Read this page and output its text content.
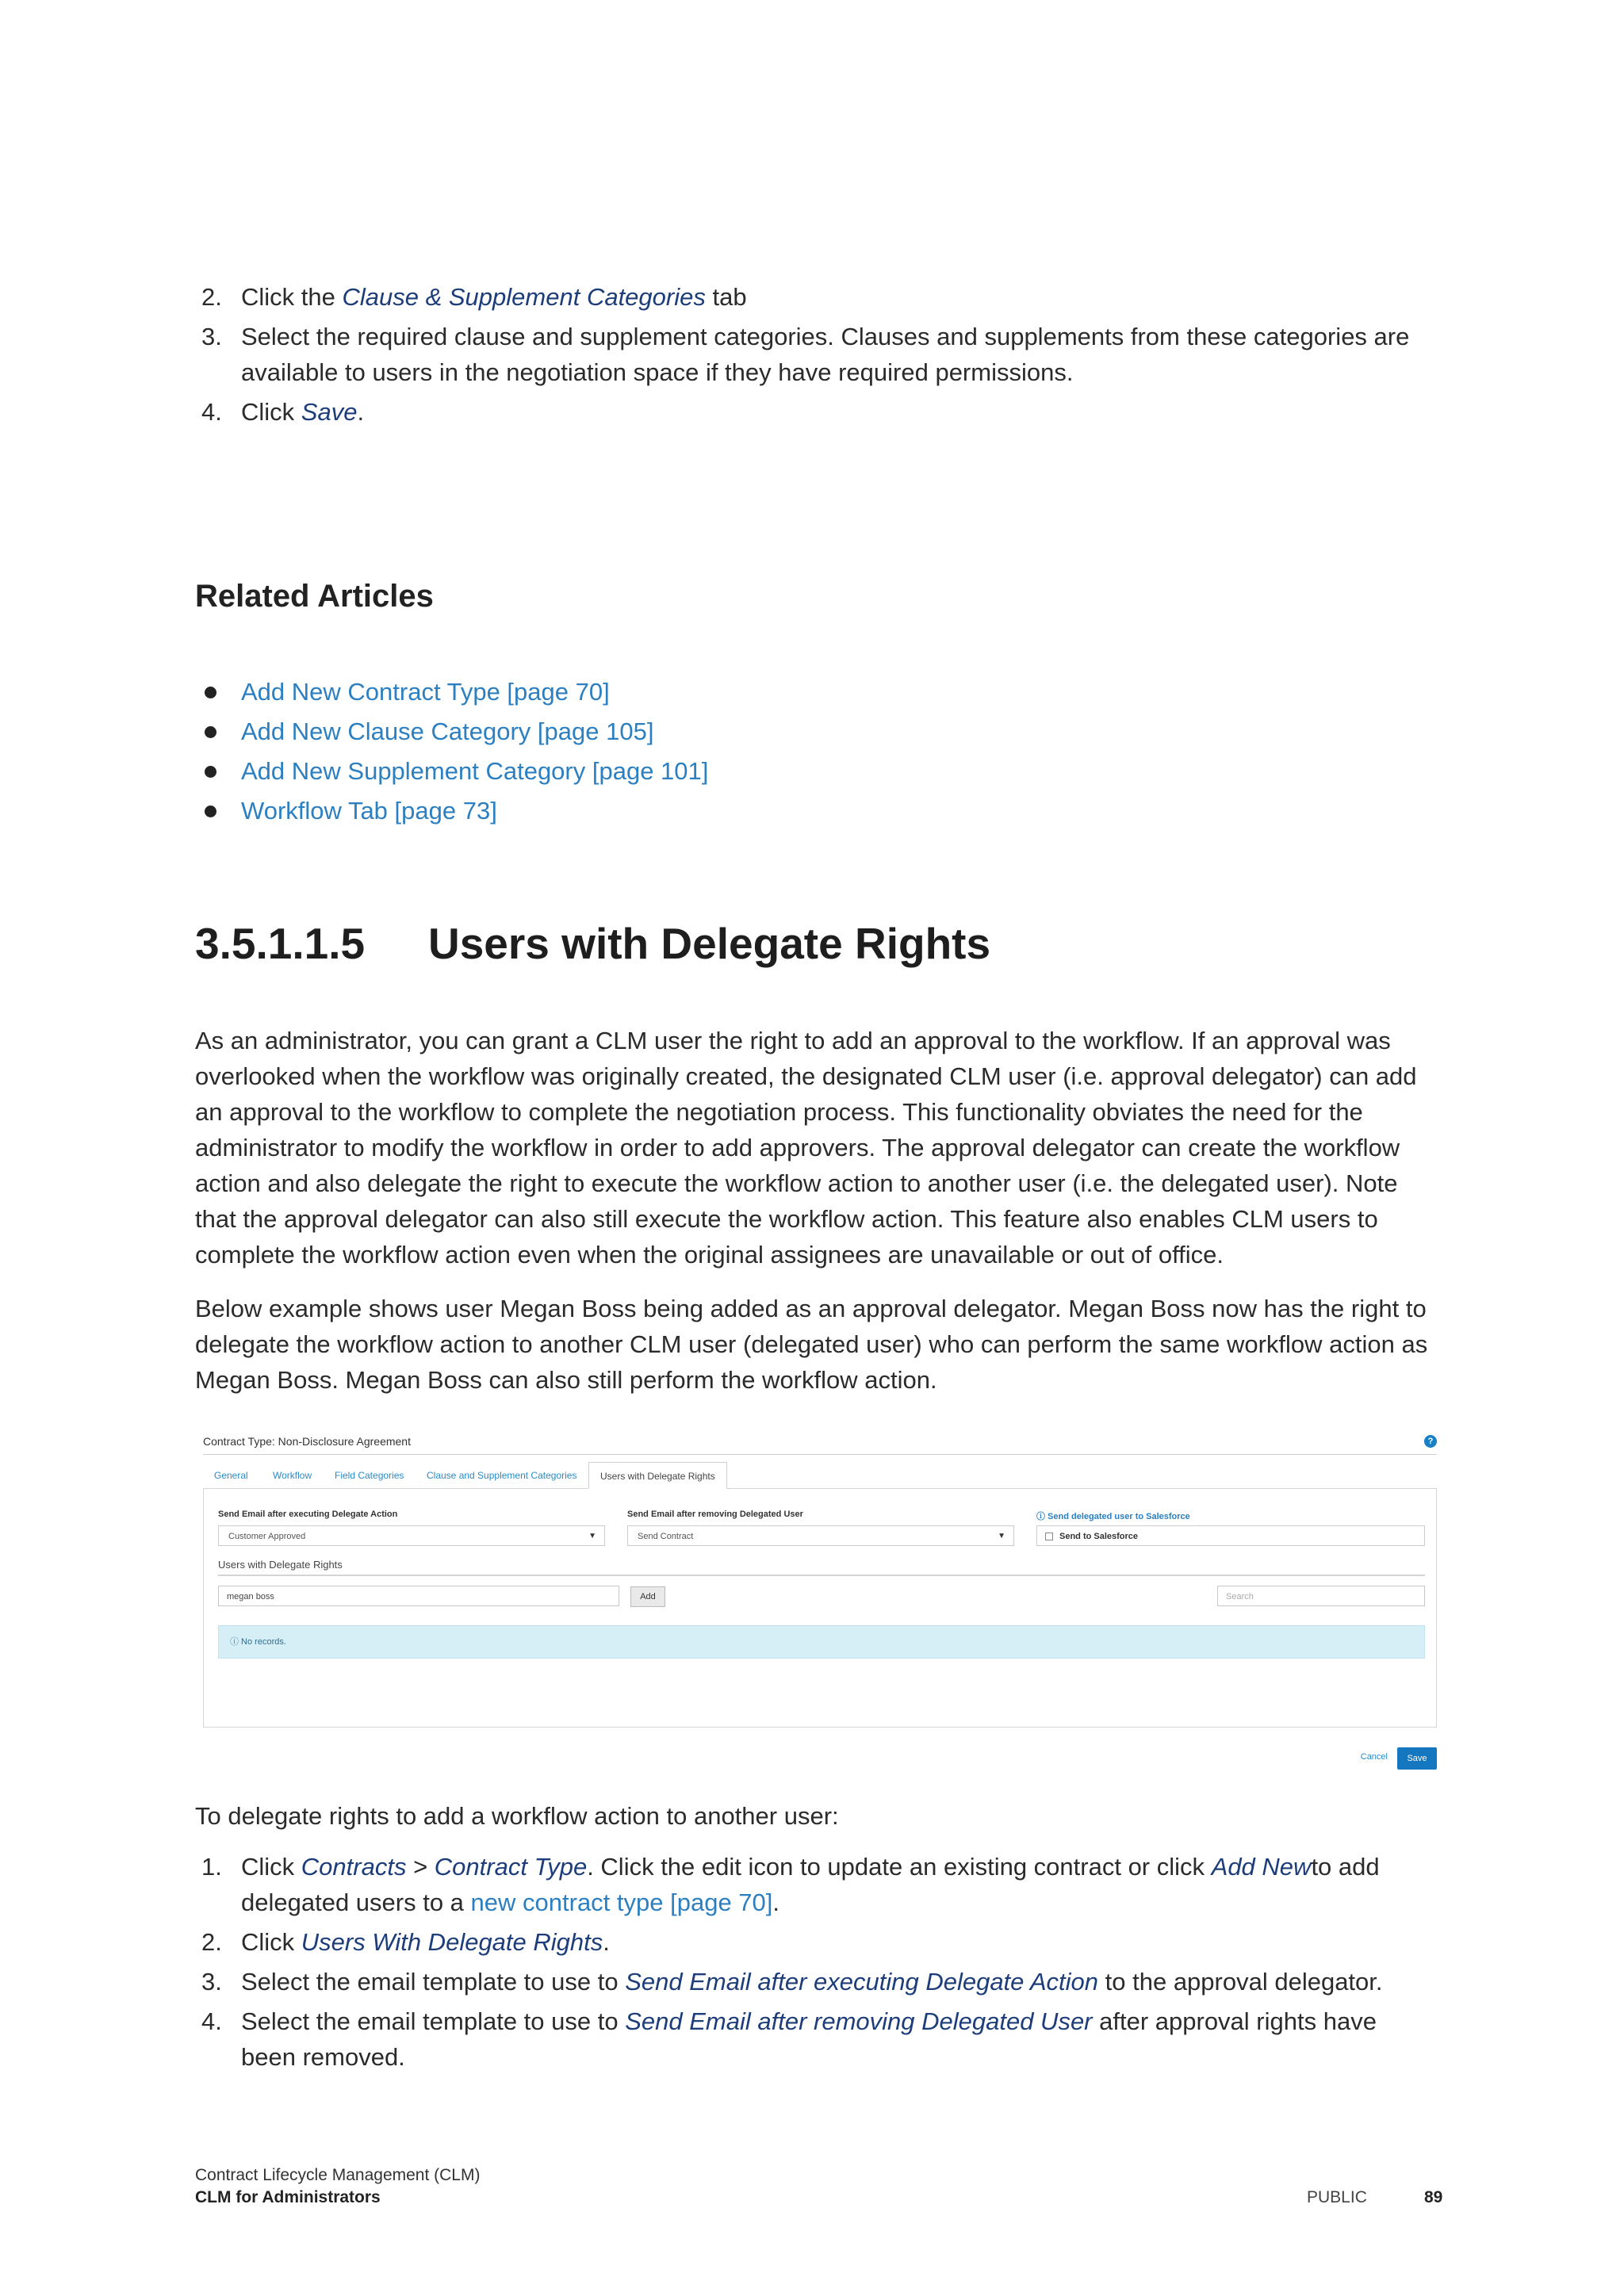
2. Click the Clause & Supplement Categories tab
3. Select the required clause and supplement categories. Clauses and supplements from these categories are available to users in the negotiation space if they have required permissions.
4. Click Save.
Related Articles
Add New Contract Type [page 70]
Add New Clause Category [page 105]
Add New Supplement Category [page 101]
Workflow Tab [page 73]
3.5.1.1.5 Users with Delegate Rights

As an administrator, you can grant a CLM user the right to add an approval to the workflow. If an approval was overlooked when the workflow was originally created, the designated CLM user (i.e. approval delegator) can add an approval to the workflow to complete the negotiation process. This functionality obviates the need for the administrator to modify the workflow in order to add approvers. The approval delegator can create the workflow action and also delegate the right to execute the workflow action to another user (i.e. the delegated user). Note that the approval delegator can also still execute the workflow action. This feature also enables CLM users to complete the workflow action even when the original assignees are unavailable or out of office.

Below example shows user Megan Boss being added as an approval delegator. Megan Boss now has the right to delegate the workflow action to another CLM user (delegated user) who can perform the same workflow action as Megan Boss. Megan Boss can also still perform the workflow action.

Contract Type: Non-Disclosure Agreement	?
General	Workflow Field Categories Clause and Supplement Categories	Users with Delegate Rights
Send Email after executing Delegate Action
Customer Approved	▼
Send Email after removing Delegated User
Send Contract	▼
ⓘ Send delegated user to Salesforce
Send to Salesforce
Users with Delegate Rights
megan boss	Add	Search
ⓘ No records.
Cancel	Save

To delegate rights to add a workflow action to another user:

1. Click Contracts > Contract Type. Click the edit icon to update an existing contract or click Add Newto add delegated users to a new contract type [page 70].
2. Click Users With Delegate Rights.
3. Select the email template to use to Send Email after executing Delegate Action to the approval delegator.
4. Select the email template to use to Send Email after removing Delegated User after approval rights have been removed.
Contract Lifecycle Management (CLM)
CLM for Administrators	PUBLIC	89
